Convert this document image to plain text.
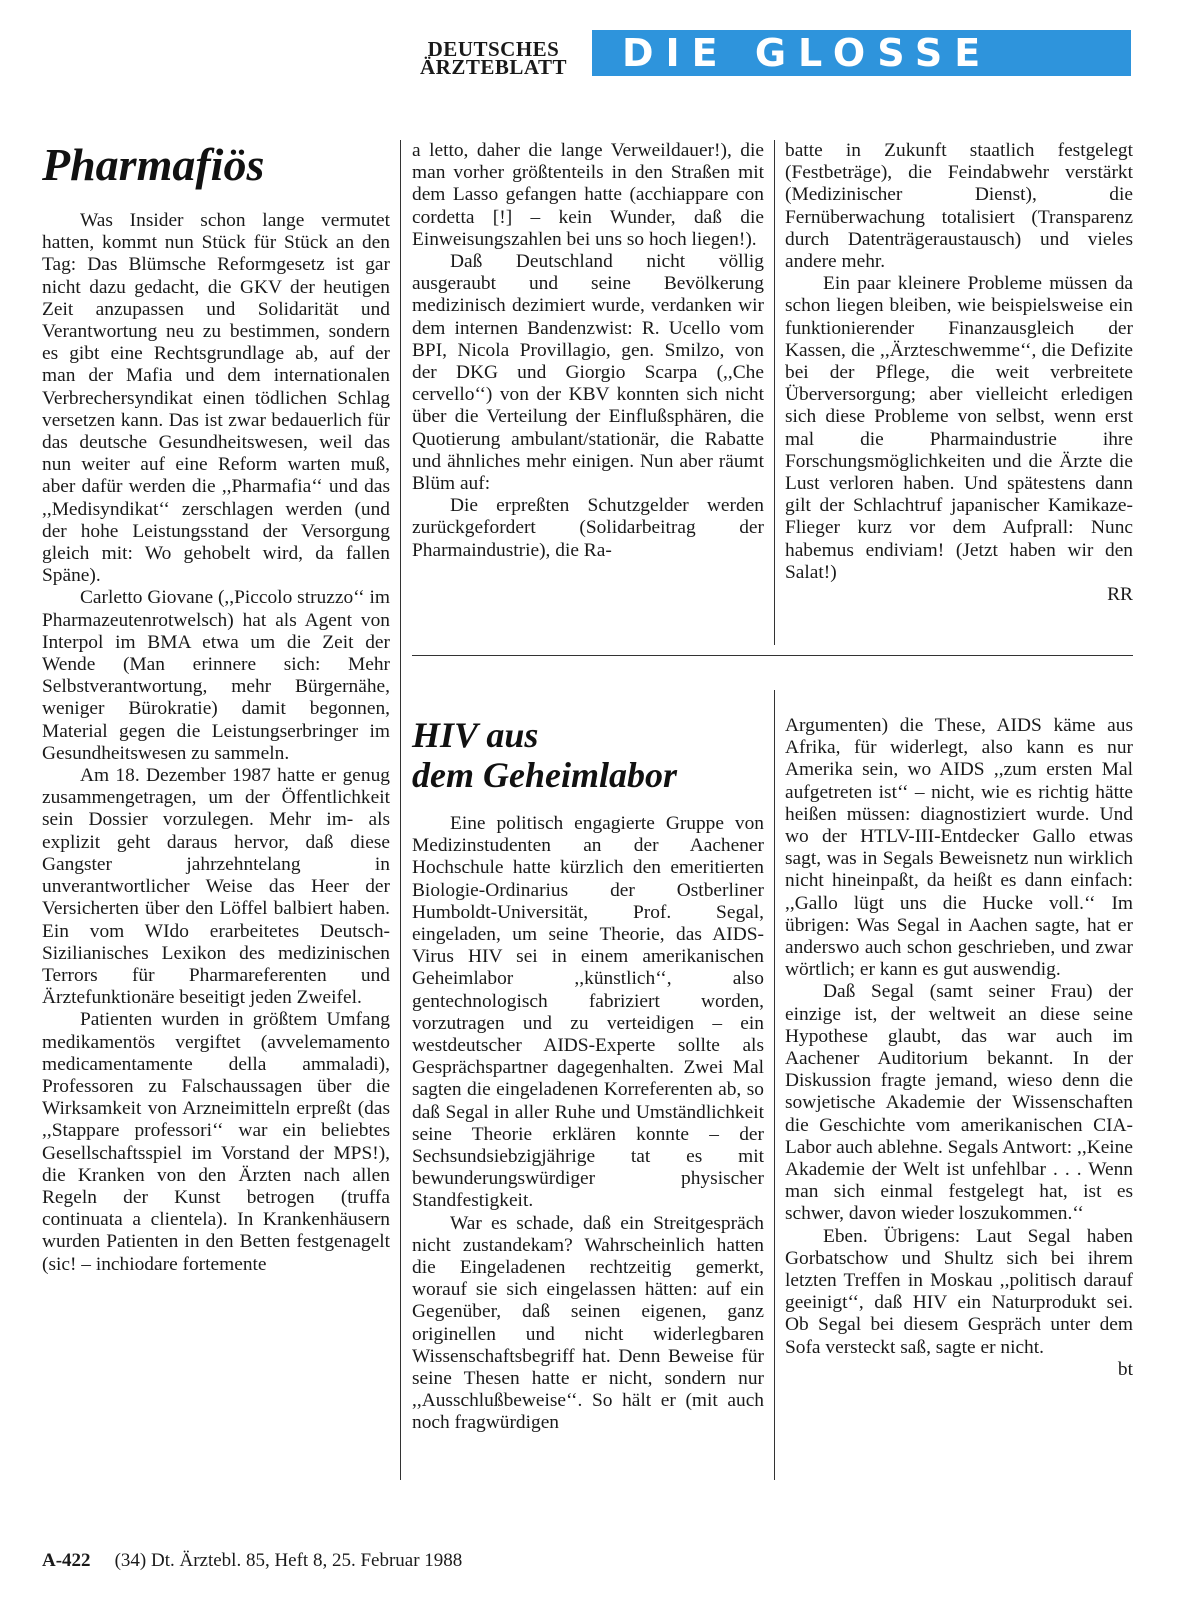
DEUTSCHES
ÄRZTEBLATT DIE GLOSSE
Pharmafiös

Was Insider schon lange vermutet hatten, kommt nun Stück für Stück an den Tag: Das Blümsche Reformgesetz ist gar nicht dazu gedacht, die GKV der heutigen Zeit anzupassen und Solidarität und Verantwortung neu zu bestimmen, sondern es gibt eine Rechtsgrundlage ab, auf der man der Mafia und dem internationalen Verbrechersyndikat einen tödlichen Schlag versetzen kann. Das ist zwar bedauerlich für das deutsche Gesundheitswesen, weil das nun weiter auf eine Reform warten muß, aber dafür werden die ,,Pharmafia‘‘ und das ,,Medisyndikat‘‘ zerschlagen werden (und der hohe Leistungsstand der Versorgung gleich mit: Wo gehobelt wird, da fallen Späne).

Carletto Giovane (,,Piccolo struzzo‘‘ im Pharmazeutenrotwelsch) hat als Agent von Interpol im BMA etwa um die Zeit der Wende (Man erinnere sich: Mehr Selbstverantwortung, mehr Bürgernähe, weniger Bürokratie) damit begonnen, Material gegen die Leistungserbringer im Gesundheitswesen zu sammeln.

Am 18. Dezember 1987 hatte er genug zusammengetragen, um der Öffentlichkeit sein Dossier vorzulegen. Mehr im- als explizit geht daraus hervor, daß diese Gangster jahrzehntelang in unverantwortlicher Weise das Heer der Versicherten über den Löffel balbiert haben. Ein vom WIdo erarbeitetes Deutsch-Sizilianisches Lexikon des medizinischen Terrors für Pharmareferenten und Ärztefunktionäre beseitigt jeden Zweifel.

Patienten wurden in größtem Umfang medikamentös vergiftet (avvelemamento medicamentamente della ammaladi), Professoren zu Falschaussagen über die Wirksamkeit von Arzneimitteln erpreßt (das ,,Stappare professori‘‘ war ein beliebtes Gesellschaftsspiel im Vorstand der MPS!), die Kranken von den Ärzten nach allen Regeln der Kunst betrogen (truffa continuata a clientela). In Krankenhäusern wurden Patienten in den Betten festgenagelt (sic! – inchiodare fortemente

a letto, daher die lange Verweildauer!), die man vorher größtenteils in den Straßen mit dem Lasso gefangen hatte (acchiappare con cordetta [!] – kein Wunder, daß die Einweisungszahlen bei uns so hoch liegen!).

Daß Deutschland nicht völlig ausgeraubt und seine Bevölkerung medizinisch dezimiert wurde, verdanken wir dem internen Bandenzwist: R. Ucello vom BPI, Nicola Provillagio, gen. Smilzo, von der DKG und Giorgio Scarpa (,,Che cervello‘‘) von der KBV konnten sich nicht über die Verteilung der Einflußsphären, die Quotierung ambulant/stationär, die Rabatte und ähnliches mehr einigen. Nun aber räumt Blüm auf:

Die erpreßten Schutzgelder werden zurückgefordert (Solidarbeitrag der Pharmaindustrie), die Ra-

batte in Zukunft staatlich festgelegt (Festbeträge), die Feindabwehr verstärkt (Medizinischer Dienst), die Fernüberwachung totalisiert (Transparenz durch Datenträgeraustausch) und vieles andere mehr.

Ein paar kleinere Probleme müssen da schon liegen bleiben, wie beispielsweise ein funktionierender Finanzausgleich der Kassen, die ,,Ärzteschwemme‘‘, die Defizite bei der Pflege, die weit verbreitete Überversorgung; aber vielleicht erledigen sich diese Probleme von selbst, wenn erst mal die Pharmaindustrie ihre Forschungsmöglichkeiten und die Ärzte die Lust verloren haben. Und spätestens dann gilt der Schlachtruf japanischer Kamikaze-Flieger kurz vor dem Aufprall: Nunc habemus endiviam! (Jetzt haben wir den Salat!)

RR

HIV aus
dem Geheimlabor

Eine politisch engagierte Gruppe von Medizinstudenten an der Aachener Hochschule hatte kürzlich den emeritierten Biologie-Ordinarius der Ostberliner Humboldt-Universität, Prof. Segal, eingeladen, um seine Theorie, das AIDS-Virus HIV sei in einem amerikanischen Geheimlabor ,,künstlich‘‘, also gentechnologisch fabriziert worden, vorzutragen und zu verteidigen – ein westdeutscher AIDS-Experte sollte als Gesprächspartner dagegenhalten. Zwei Mal sagten die eingeladenen Korreferenten ab, so daß Segal in aller Ruhe und Umständlichkeit seine Theorie erklären konnte – der Sechsundsiebzigjährige tat es mit bewunderungswürdiger physischer Standfestigkeit.

War es schade, daß ein Streitgespräch nicht zustandekam? Wahrscheinlich hatten die Eingeladenen rechtzeitig gemerkt, worauf sie sich eingelassen hätten: auf ein Gegenüber, daß seinen eigenen, ganz originellen und nicht widerlegbaren Wissenschaftsbegriff hat. Denn Beweise für seine Thesen hatte er nicht, sondern nur ,,Ausschlußbeweise‘‘. So hält er (mit auch noch fragwürdigen

Argumenten) die These, AIDS käme aus Afrika, für widerlegt, also kann es nur Amerika sein, wo AIDS ,,zum ersten Mal aufgetreten ist‘‘ – nicht, wie es richtig hätte heißen müssen: diagnostiziert wurde. Und wo der HTLV-III-Entdecker Gallo etwas sagt, was in Segals Beweisnetz nun wirklich nicht hineinpaßt, da heißt es dann einfach: ,,Gallo lügt uns die Hucke voll.‘‘ Im übrigen: Was Segal in Aachen sagte, hat er anderswo auch schon geschrieben, und zwar wörtlich; er kann es gut auswendig.

Daß Segal (samt seiner Frau) der einzige ist, der weltweit an diese seine Hypothese glaubt, das war auch im Aachener Auditorium bekannt. In der Diskussion fragte jemand, wieso denn die sowjetische Akademie der Wissenschaften die Geschichte vom amerikanischen CIA-Labor auch ablehne. Segals Antwort: ,,Keine Akademie der Welt ist unfehlbar . . . Wenn man sich einmal festgelegt hat, ist es schwer, davon wieder loszukommen.‘‘

Eben. Übrigens: Laut Segal haben Gorbatschow und Shultz sich bei ihrem letzten Treffen in Moskau ,,politisch darauf geeinigt‘‘, daß HIV ein Naturprodukt sei. Ob Segal bei diesem Gespräch unter dem Sofa versteckt saß, sagte er nicht.

bt

A-422 (34) Dt. Ärztebl. 85, Heft 8, 25. Februar 1988
